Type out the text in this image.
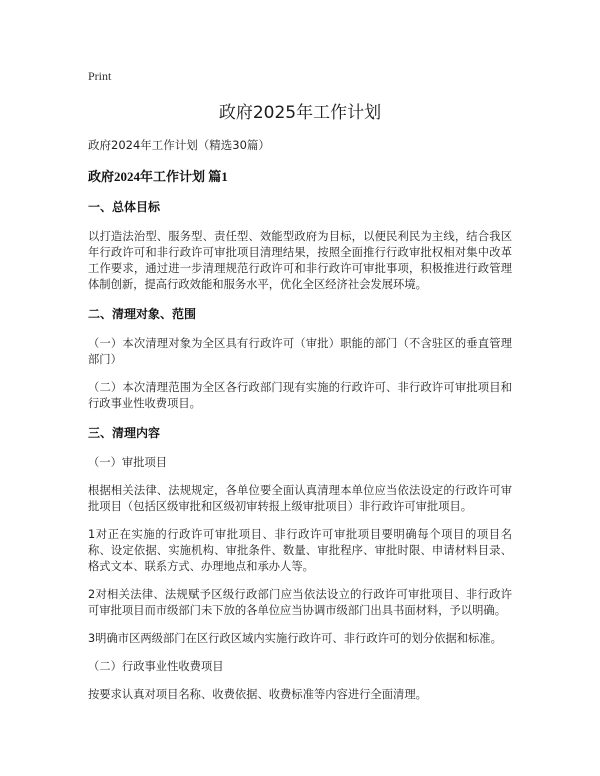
Print
政府2025年工作计划

政府2024年工作计划（精选30篇）

政府2024年工作计划 篇1

一、总体目标

以打造法治型、服务型、责任型、效能型政府为目标，以便民利民为主线，结合我区年行政许可和非行政许可审批项目清理结果，按照全面推行行政审批权相对集中改革工作要求，通过进一步清理规范行政许可和非行政许可审批事项，积极推进行政管理体制创新，提高行政效能和服务水平，优化全区经济社会发展环境。

二、清理对象、范围

（一）本次清理对象为全区具有行政许可（审批）职能的部门（不含驻区的垂直管理部门）

（二）本次清理范围为全区各行政部门现有实施的行政许可、非行政许可审批项目和行政事业性收费项目。

三、清理内容

（一）审批项目

根据相关法律、法规规定，各单位要全面认真清理本单位应当依法设定的行政许可审批项目（包括区级审批和区级初审转报上级审批项目）非行政许可审批项目。

1对正在实施的行政许可审批项目、非行政许可审批项目要明确每个项目的项目名称、设定依据、实施机构、审批条件、数量、审批程序、审批时限、申请材料目录、格式文本、联系方式、办理地点和承办人等。

2对相关法律、法规赋予区级行政部门应当依法设立的行政许可审批项目、非行政许可审批项目而市级部门未下放的各单位应当协调市级部门出具书面材料，予以明确。

3明确市区两级部门在区行政区域内实施行政许可、非行政许可的划分依据和标准。

（二）行政事业性收费项目

按要求认真对项目名称、收费依据、收费标准等内容进行全面清理。
